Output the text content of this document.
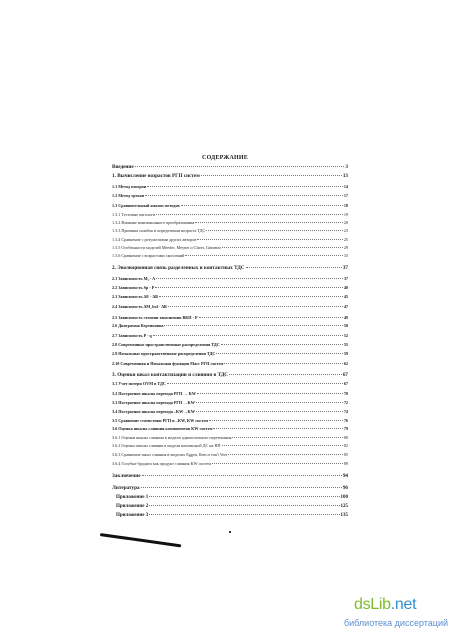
СОДЕРЖАНИЕ
Введение	3
1. Вычисление возрастов РГП систем	13
1.1 Метод изохрон	14
1.2 Метод треков	17
1.3 Сравнительный анализ методов	18
1.3.1 Тестовые каталоги	19
1.3.2 Влияние компаньонного преобразования	20
1.3.3 Причины ошибок в определении возраста ТДС	23
1.3.4 Сравнение с результатами других авторов	25
1.3.5 Особенности моделей Meeder, Meynet и Claret, Gimenez	29
1.3.6 Сравнение с возрастами скоплений	33
2. Эволюционная связь разделенных и контактных ТДС	37
2.1 Зависимость M₁ - A	37
2.2 Зависимость Sp - P	40
2.3 Зависимость ΔE - ΔB	45
2.4 Зависимость ΔM_bol - ΔB	47
2.5 Зависимость степени заполнения ВКП - P	49
2.6 Диаграмма Кертиновна	50
2.7 Зависимость P - q	52
2.8 Современные пространственные распределения ТДС	55
2.9 Начальные пространственные распределения ТДС	59
2.10 Современная и Начальная функция Масс РГП систем	62
3. Оценки шкал контактизации и слияния в ТДС	67
3.1 Учет потери OVM в ТДС	67
3.2 Построение шкалы перехода РГП → KW	70
3.3 Построение шкалы перехода РГП →KW	72
3.4 Построение шкалы перехода –KW→KW	74
3.5 Сравнение статистики РГП и –KW, KW систем	76
3.6 Оценка шкалы слияния компонентов KW систем	79
3.6.1 Оценки шкалы слияния в модели однопоточного перетекания	80
3.6.2 Оценка шкалы слияния в модели контактной ДС на НП	82
3.6.3 Сравнение шкал слияния в моделях Eggen, Iben и van't Veer	85
3.6.4 Голубые бродяги как продукт слияния KW систем	89
Заключение	94
Литература	96
Приложение 1	100
Приложение 2	125
Приложение 3	135
dsLib.net
библиотека диссертаций
